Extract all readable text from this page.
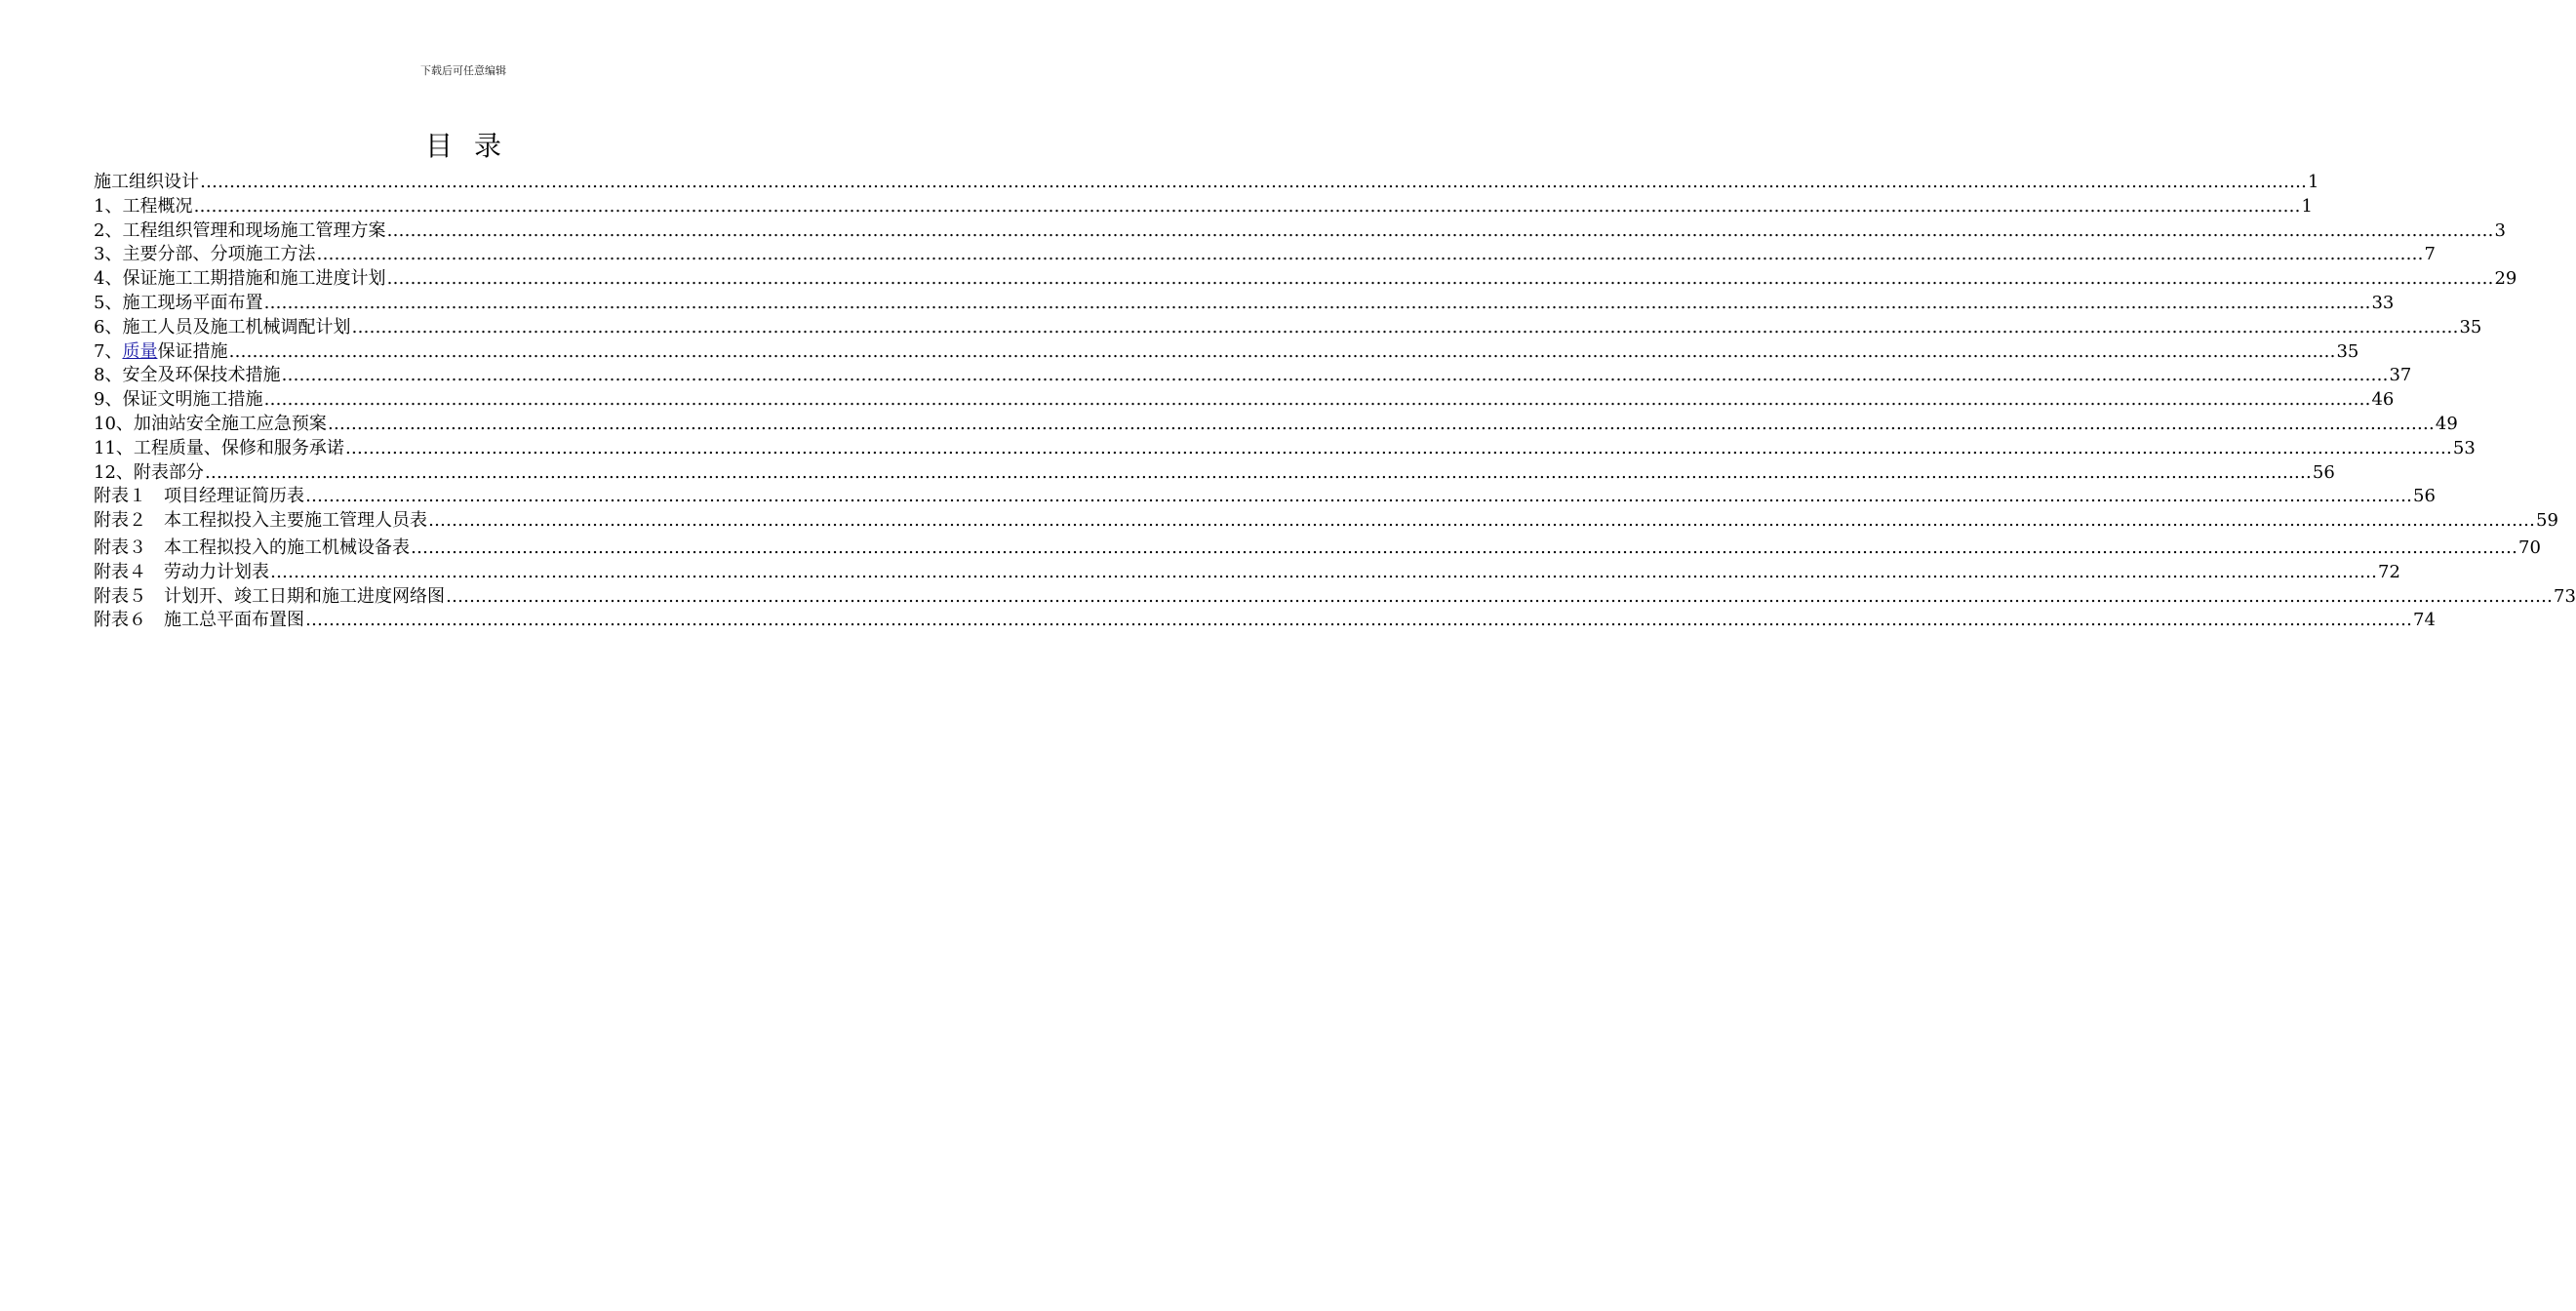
下载后可任意编辑
目录
施工组织设计 ……………………………………………………………………………………………………………………………………………………………………………………………………………………………………………………………………………………………………………………………… 1
1、工程概况 ……………………………………………………………………………………………………………………………………………………………………………………………………………………………………………………………………………………………………………………………… 1
2、工程组织管理和现场施工管理方案 ……………………………………………………………………………………………………………………………………………………………………………………………………………………………………………………………………………………………………………………………… 3
3、主要分部、分项施工方法 ……………………………………………………………………………………………………………………………………………………………………………………………………………………………………………………………………………………………………………………………… 7
4、保证施工工期措施和施工进度计划 ……………………………………………………………………………………………………………………………………………………………………………………………………………………………………………………………………………………………………………………………… 29
5、施工现场平面布置 ……………………………………………………………………………………………………………………………………………………………………………………………………………………………………………………………………………………………………………………………… 33
6、施工人员及施工机械调配计划 ……………………………………………………………………………………………………………………………………………………………………………………………………………………………………………………………………………………………………………………………… 35
7、质量保证措施 ……………………………………………………………………………………………………………………………………………………………………………………………………………………………………………………………………………………………………………………………… 35
8、安全及环保技术措施 ……………………………………………………………………………………………………………………………………………………………………………………………………………………………………………………………………………………………………………………………… 37
9、保证文明施工措施 ……………………………………………………………………………………………………………………………………………………………………………………………………………………………………………………………………………………………………………………………… 46
10、加油站安全施工应急预案 ……………………………………………………………………………………………………………………………………………………………………………………………………………………………………………………………………………………………………………………………… 49
11、工程质量、保修和服务承诺 ……………………………………………………………………………………………………………………………………………………………………………………………………………………………………………………………………………………………………………………………… 53
12、附表部分 ……………………………………………………………………………………………………………………………………………………………………………………………………………………………………………………………………………………………………………………………… 56
附表１　项目经理证简历表 ……………………………………………………………………………………………………………………………………………………………………………………………………………………………………………………………………………………………………………………………… 56
附表２　本工程拟投入主要施工管理人员表 ……………………………………………………………………………………………………………………………………………………………………………………………………………………………………………………………………………………………………………………………… 59
附表３　本工程拟投入的施工机械设备表 ……………………………………………………………………………………………………………………………………………………………………………………………………………………………………………………………………………………………………………………………… 70
附表４　劳动力计划表 ……………………………………………………………………………………………………………………………………………………………………………………………………………………………………………………………………………………………………………………………… 72
附表５　计划开、竣工日期和施工进度网络图 ……………………………………………………………………………………………………………………………………………………………………………………………………………………………………………………………………………………………………………………………… 73
附表６　施工总平面布置图 ……………………………………………………………………………………………………………………………………………………………………………………………………………………………………………………………………………………………………………………………… 74
